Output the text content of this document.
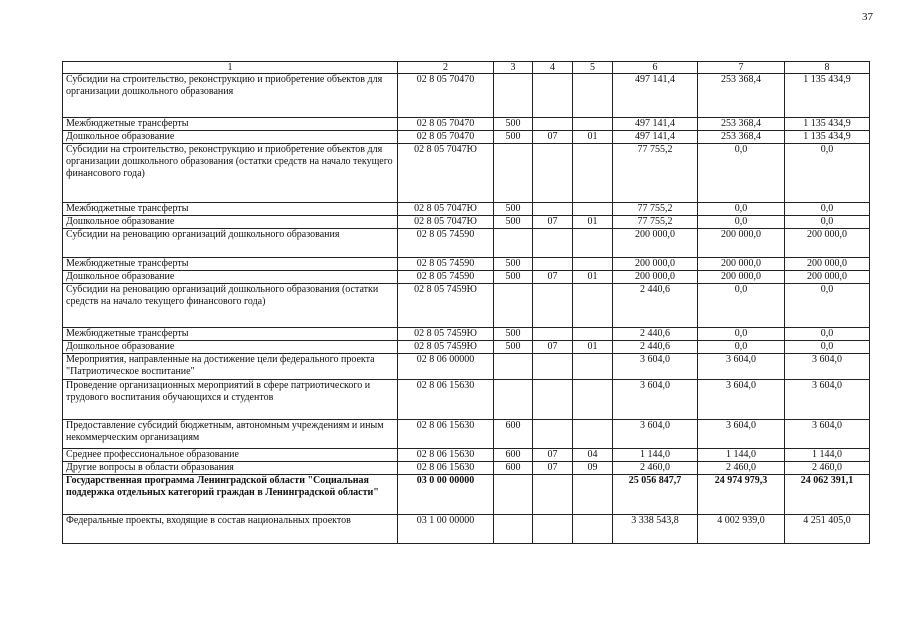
37
1	2	3	4	5	6	7	8
Субсидии на строительство, реконструкцию и приобретение объектов для организации дошкольного образования	02 8 05 70470				497 141,4	253 368,4	1 135 434,9
Межбюджетные трансферты	02 8 05 70470	500			497 141,4	253 368,4	1 135 434,9
Дошкольное образование	02 8 05 70470	500	07	01	497 141,4	253 368,4	1 135 434,9
Субсидии на строительство, реконструкцию и приобретение объектов для организации дошкольного образования (остатки средств на начало текущего финансового года)	02 8 05 7047Ю				77 755,2	0,0	0,0
Межбюджетные трансферты	02 8 05 7047Ю	500			77 755,2	0,0	0,0
Дошкольное образование	02 8 05 7047Ю	500	07	01	77 755,2	0,0	0,0
Субсидии на реновацию организаций дошкольного образования	02 8 05 74590				200 000,0	200 000,0	200 000,0
Межбюджетные трансферты	02 8 05 74590	500			200 000,0	200 000,0	200 000,0
Дошкольное образование	02 8 05 74590	500	07	01	200 000,0	200 000,0	200 000,0
Субсидии на реновацию организаций дошкольного образования (остатки средств на начало текущего финансового года)	02 8 05 7459Ю				2 440,6	0,0	0,0
Межбюджетные трансферты	02 8 05 7459Ю	500			2 440,6	0,0	0,0
Дошкольное образование	02 8 05 7459Ю	500	07	01	2 440,6	0,0	0,0
Мероприятия, направленные на достижение цели федерального проекта "Патриотическое воспитание"	02 8 06 00000				3 604,0	3 604,0	3 604,0
Проведение организационных мероприятий в сфере патриотического и трудового воспитания обучающихся и студентов	02 8 06 15630				3 604,0	3 604,0	3 604,0
Предоставление субсидий бюджетным, автономным учреждениям и иным некоммерческим организациям	02 8 06 15630	600			3 604,0	3 604,0	3 604,0
Среднее профессиональное образование	02 8 06 15630	600	07	04	1 144,0	1 144,0	1 144,0
Другие вопросы в области образования	02 8 06 15630	600	07	09	2 460,0	2 460,0	2 460,0
Государственная программа Ленинградской области "Социальная поддержка отдельных категорий граждан в Ленинградской области"	03 0 00 00000				25 056 847,7	24 974 979,3	24 062 391,1
Федеральные проекты, входящие в состав национальных проектов	03 1 00 00000				3 338 543,8	4 002 939,0	4 251 405,0
